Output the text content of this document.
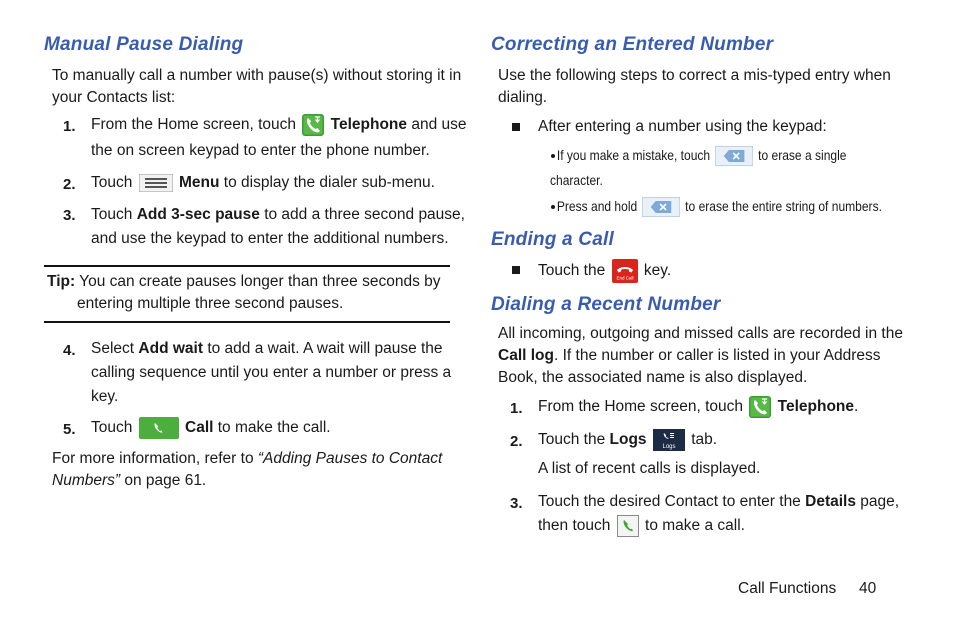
Manual Pause Dialing
To manually call a number with pause(s) without storing it in
your Contacts list:
1. From the Home screen, touch Telephone and use
the on screen keypad to enter the phone number.
2. Touch	Menu to display the dialer sub-menu.
3. Touch Add 3-sec pause to add a three second pause,
and use the keypad to enter the additional numbers.
Tip: You can create pauses longer than three seconds by
entering multiple three second pauses.
4. Select Add wait to add a wait. A wait will pause the
calling sequence until you enter a number or press a
key.
5. Touch	Call to make the call.
For more information, refer to “Adding Pauses to Contact
Numbers” on page 61.
Correcting an Entered Number
Use the following steps to correct a mis-typed entry when
dialing.
After entering a number using the keypad:
If you make a mistake, touch	to erase a single
character.
Press and hold	to erase the entire string of numbers.
Ending a Call
Touch the End Call key.
Dialing a Recent Number
All incoming, outgoing and missed calls are recorded in the
Call log. If the number or caller is listed in your Address
Book, the associated name is also displayed.
1. From the Home screen, touch Telephone.
2. Touch the Logs	Logs tab.
A list of recent calls is displayed.
3. Touch the desired Contact to enter the Details page,
then touch to make a call.
Call Functions 40
